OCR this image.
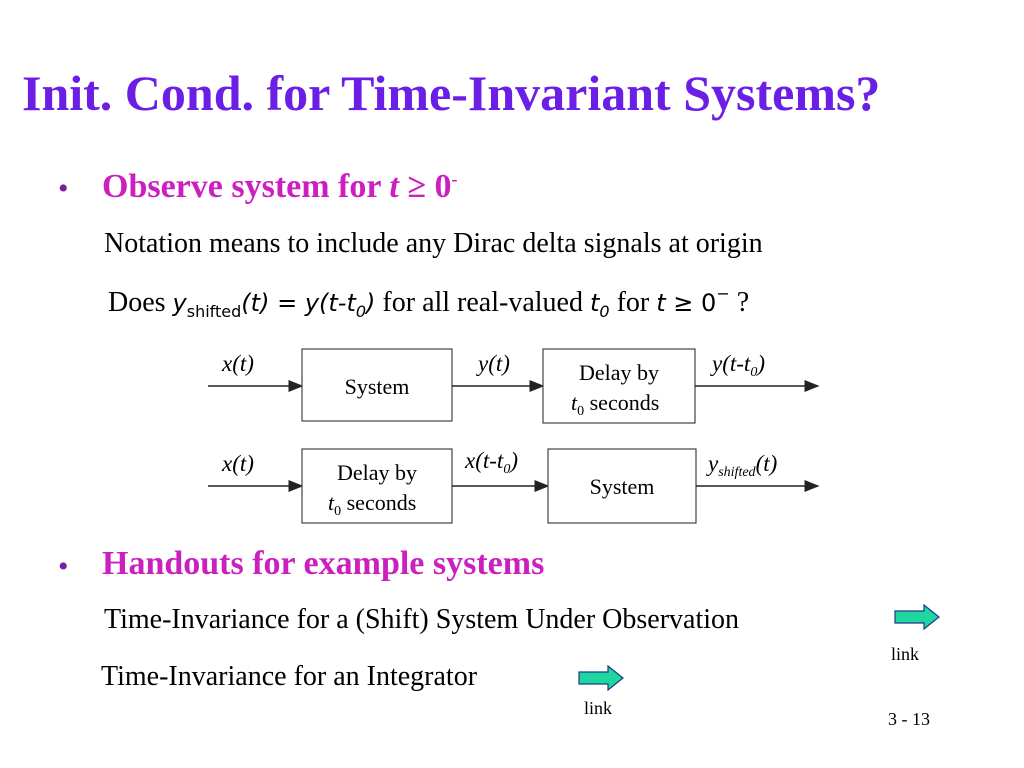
Init. Cond. for Time-Invariant Systems?
• Observe system for t ≥ 0-
Notation means to include any Dirac delta signals at origin
Does $y_{shifted}(t) = y(t-t_0)$ for all real-valued $t_0$ for t ≥ 0− ?
x(t)
System
y(t)	Delay by
$t_0$ seconds
$y(t-t_0)$
x(t)	Delay by
$t_0$ seconds
$x(t-t_0)$
System
$y_{shifted}(t)$
• Handouts for example systems
Time-Invariance for a (Shift) System Under Observation
link
Time-Invariance for an Integrator
link
3 - 13
